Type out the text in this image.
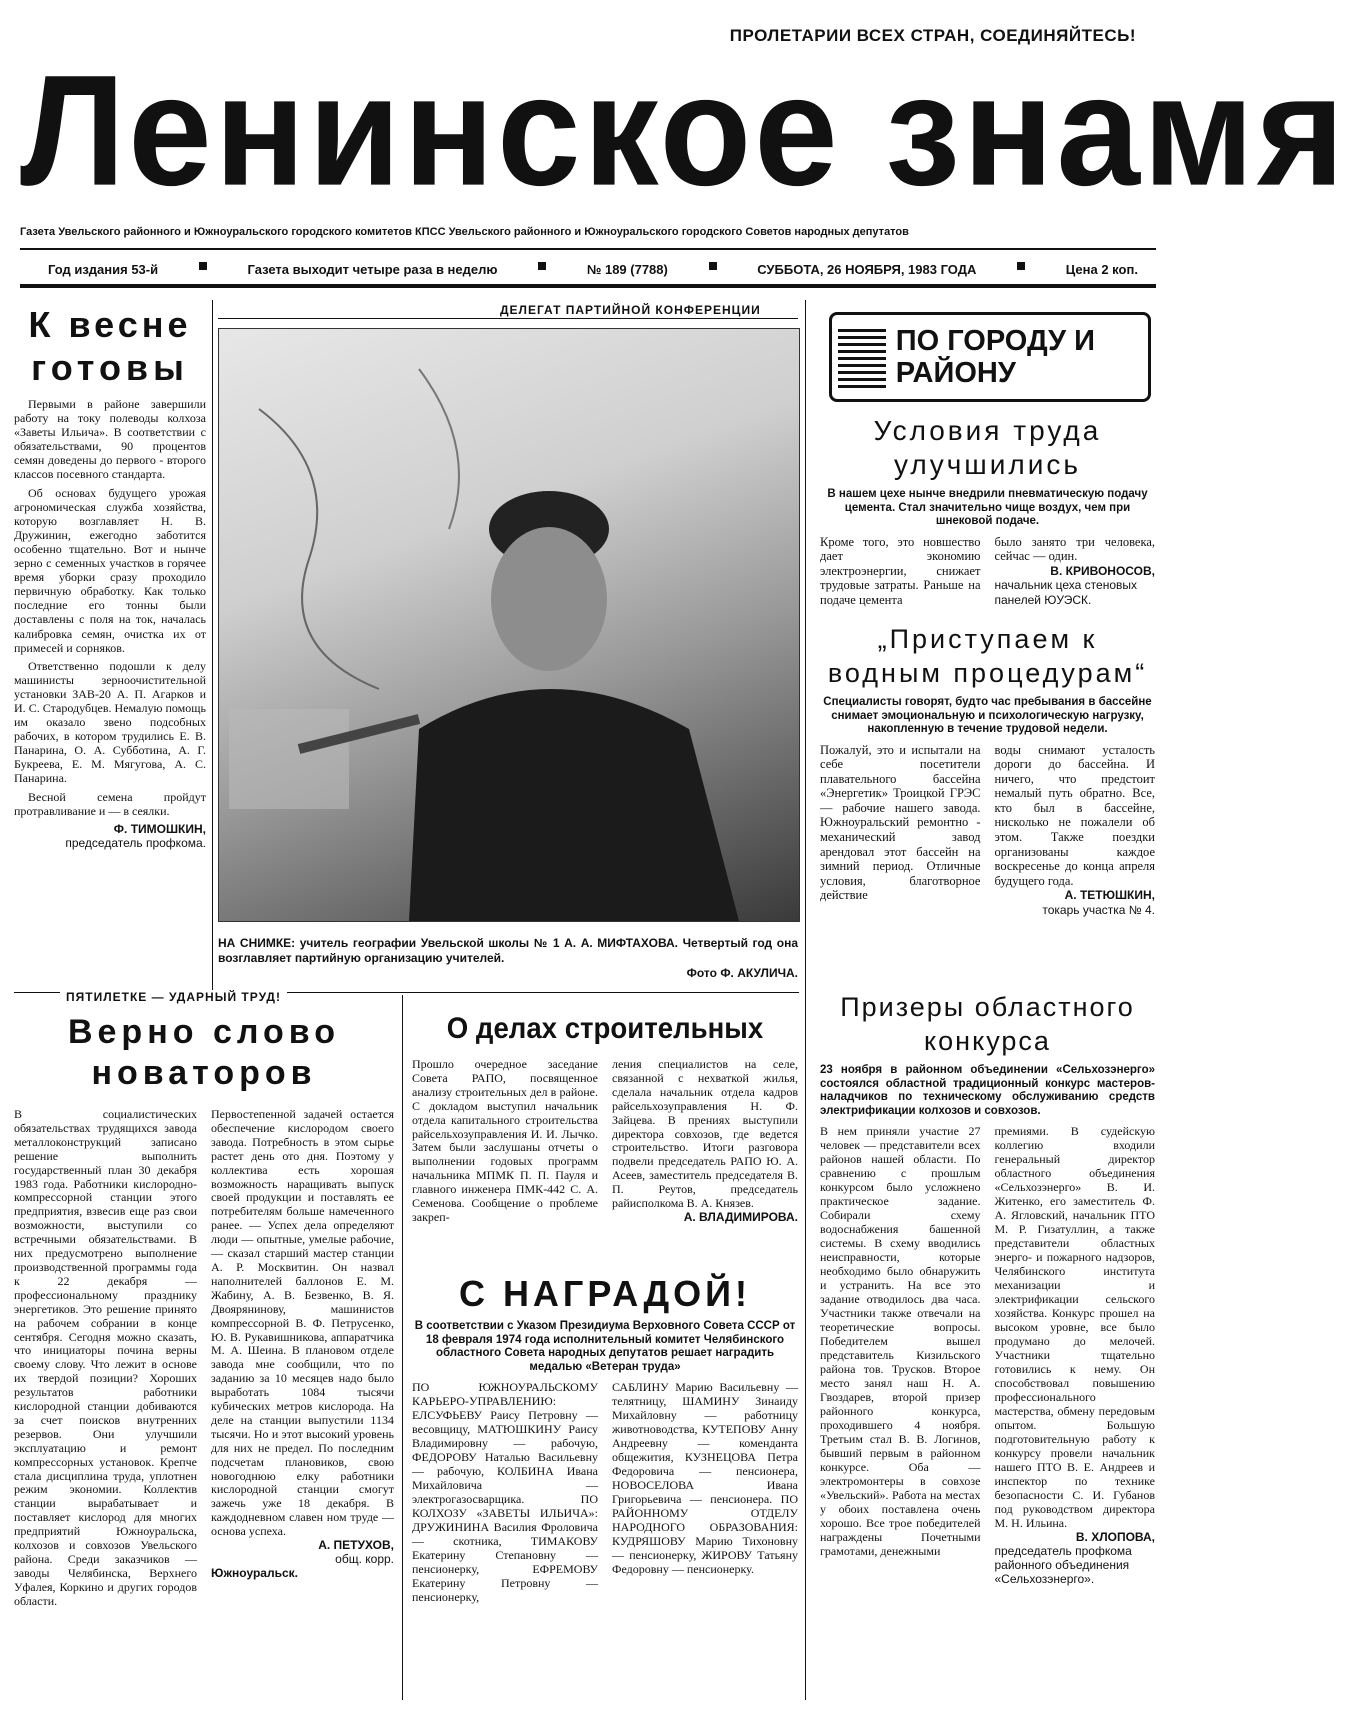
ПРОЛЕТАРИИ ВСЕХ СТРАН, СОЕДИНЯЙТЕСЬ!
Ленинское знамя
Газета Увельского районного и Южноуральского городского комитетов КПСС Увельского районного и Южноуральского городского Советов народных депутатов
Год издания 53-й	Газета выходит четыре раза в неделю	№ 189 (7788)	СУББОТА, 26 НОЯБРЯ, 1983 ГОДА	Цена 2 коп.
К весне
готовы

Первыми в районе завершили работу на току полеводы колхоза «Заветы Ильича». В соответствии с обязательствами, 90 процентов семян доведены до первого - второго классов посевного стандарта.

Об основах будущего урожая агрономическая служба хозяйства, которую возглавляет Н. В. Дружинин, ежегодно заботится особенно тщательно. Вот и нынче зерно с семенных участков в горячее время уборки сразу проходило первичную обработку. Как только последние его тонны были доставлены с поля на ток, началась калибровка семян, очистка их от примесей и сорняков.

Ответственно подошли к делу машинисты зерноочистительной установки ЗАВ-20 А. П. Агарков и И. С. Стародубцев. Немалую помощь им оказало звено подсобных рабочих, в котором трудились Е. В. Панарина, О. А. Субботина, А. Г. Букреева, Е. М. Мягугова, А. С. Панарина.

Весной семена пройдут протравливание и — в сеялки.

Ф. ТИМОШКИН,
председатель профкома.
ДЕЛЕГАТ ПАРТИЙНОЙ КОНФЕРЕНЦИИ
НА СНИМКЕ: учитель географии Увельской школы № 1 А. А. МИФТАХОВА. Четвертый год она возглавляет партийную организацию учителей.
Фото Ф. АКУЛИЧА.
ПО ГОРОДУ И РАЙОНУ
Условия труда улучшились
В нашем цехе нынче внедрили пневматическую подачу цемента. Стал значительно чище воздух, чем при шнековой подаче.
Кроме того, это новшество дает экономию электроэнергии, снижает трудовые затраты. Раньше на подаче цемента
было занято три человека, сейчас — один.
В. КРИВОНОСОВ,
начальник цеха стеновых панелей ЮУЭСК.
„Приступаем к водным процедурам“
Специалисты говорят, будто час пребывания в бассейне снимает эмоциональную и психологическую нагрузку, накопленную в течение трудовой недели.
Пожалуй, это и испытали на себе посетители плавательного бассейна «Энергетик» Троицкой ГРЭС — рабочие нашего завода. Южноуральский ремонтно - механический завод арендовал этот бассейн на зимний период. Отличные условия, благотворное действие
воды снимают усталость дороги до бассейна. И ничего, что предстоит немалый путь обратно. Все, кто был в бассейне, нисколько не пожалели об этом. Также поездки организованы каждое воскресенье до конца апреля будущего года.
А. ТЕТЮШКИН,
токарь участка № 4.
Призеры областного конкурса
23 ноября в районном объединении «Сельхозэнерго» состоялся областной традиционный конкурс мастеров-наладчиков по техническому обслуживанию средств электрификации колхозов и совхозов.
В нем приняли участие 27 человек — представители всех районов нашей области. По сравнению с прошлым конкурсом было усложнено практическое задание. Собирали схему водоснабжения башенной системы. В схему вводились неисправности, которые необходимо было обнаружить и устранить. На все это задание отводилось два часа. Участники также отвечали на теоретические вопросы. Победителем вышел представитель Кизильского района тов. Трусков. Второе место занял наш Н. А. Гвоздарев, второй призер районного конкурса, проходившего 4 ноября. Третьим стал В. В. Логинов, бывший первым в районном конкурсе. Оба — электромонтеры в совхозе «Увельский». Работа на местах у обоих поставлена очень хорошо. Все трое победителей награждены Почетными грамотами, денежными
премиями. В судейскую коллегию входили генеральный директор областного объединения «Сельхозэнерго» В. И. Житенко, его заместитель Ф. А. Ягловский, начальник ПТО М. Р. Гизатуллин, а также представители областных энерго- и пожарного надзоров, Челябинского института механизации и электрификации сельского хозяйства. Конкурс прошел на высоком уровне, все было продумано до мелочей. Участники тщательно готовились к нему. Он способствовал повышению профессионального мастерства, обмену передовым опытом. Большую подготовительную работу к конкурсу провели начальник нашего ПТО В. Е. Андреев и инспектор по технике безопасности С. И. Губанов под руководством директора М. Н. Ильина.
В. ХЛОПОВА,
председатель профкома районного объединения «Сельхозэнерго».
ПЯТИЛЕТКЕ — УДАРНЫЙ ТРУД!
Верно слово
новаторов
В социалистических обязательствах трудящихся завода металлоконструкций записано решение выполнить государственный план 30 декабря 1983 года. Работники кислородно-компрессорной станции этого предприятия, взвесив еще раз свои возможности, выступили со встречными обязательствами. В них предусмотрено выполнение производственной программы года к 22 декабря — профессиональному празднику энергетиков. Это решение принято на рабочем собрании в конце сентября. Сегодня можно сказать, что инициаторы почина верны своему слову. Что лежит в основе их твердой позиции? Хороших результатов работники кислородной станции добиваются за счет поисков внутренних резервов. Они улучшили эксплуатацию и ремонт компрессорных установок. Крепче стала дисциплина труда, уплотнен режим экономии. Коллектив станции вырабатывает и поставляет кислород для многих предприятий Южноуральска, колхозов и совхозов Увельского района. Среди заказчиков — заводы Челябинска, Верхнего Уфалея, Коркино и других городов области.
Первостепенной задачей остается обеспечение кислородом своего завода. Потребность в этом сырье растет день ото дня. Поэтому у коллектива есть хорошая возможность наращивать выпуск своей продукции и поставлять ее потребителям больше намеченного ранее. — Успех дела определяют люди — опытные, умелые рабочие, — сказал старший мастер станции А. Р. Москвитин. Он назвал наполнителей баллонов Е. М. Жабину, А. В. Безвенко, В. Я. Двоярянинову, машинистов компрессорной В. Ф. Петрусенко, Ю. В. Рукавишникова, аппаратчика М. А. Шеина. В плановом отделе завода мне сообщили, что по заданию за 10 месяцев надо было выработать 1084 тысячи кубических метров кислорода. На деле на станции выпустили 1134 тысячи. Но и этот высокий уровень для них не предел. По последним подсчетам плановиков, свою новогоднюю елку работники кислородной станции смогут зажечь уже 18 декабря. В каждодневном славен ном труде — основа успеха.
А. ПЕТУХОВ,
общ. корр.
Южноуральск.
О делах строительных
Прошло очередное заседание Совета РАПО, посвященное анализу строительных дел в районе. С докладом выступил начальник отдела капитального строительства райсельхозуправления И. И. Лычко. Затем были заслушаны отчеты о выполнении годовых программ начальника МПМК П. П. Пауля и главного инженера ПМК-442 С. А. Семенова. Сообщение о проблеме закреп-
ления специалистов на селе, связанной с нехваткой жилья, сделала начальник отдела кадров райсельхозуправления Н. Ф. Зайцева. В прениях выступили директора совхозов, где ведется строительство. Итоги разговора подвели председатель РАПО Ю. А. Асеев, заместитель председателя В. П. Реутов, председатель райисполкома В. А. Князев.
А. ВЛАДИМИРОВА.
С НАГРАДОЙ!
В соответствии с Указом Президиума Верховного Совета СССР от 18 февраля 1974 года исполнительный комитет Челябинского областного Совета народных депутатов решает наградить медалью «Ветеран труда»
ПО ЮЖНОУРАЛЬСКОМУ КАРЬЕРО-УПРАВЛЕНИЮ: ЕЛСУФЬЕВУ Раису Петровну — весовщицу, МАТЮШКИНУ Раису Владимировну — рабочую, ФЕДОРОВУ Наталью Васильевну — рабочую, КОЛБИНА Ивана Михайловича — электрогазосварщика. ПО КОЛХОЗУ «ЗАВЕТЫ ИЛЬИЧА»: ДРУЖИНИНА Василия Фроловича — скотника, ТИМАКОВУ Екатерину Степановну — пенсионерку, ЕФРЕМОВУ Екатерину Петровну — пенсионерку,
САБЛИНУ Марию Васильевну — телятницу, ШАМИНУ Зинаиду Михайловну — работницу животноводства, КУТЕПОВУ Анну Андреевну — коменданта общежития, КУЗНЕЦОВА Петра Федоровича — пенсионера, НОВОСЕЛОВА Ивана Григорьевича — пенсионера. ПО РАЙОННОМУ ОТДЕЛУ НАРОДНОГО ОБРАЗОВАНИЯ: КУДРЯШОВУ Марию Тихоновну — пенсионерку, ЖИРОВУ Татьяну Федоровну — пенсионерку.
